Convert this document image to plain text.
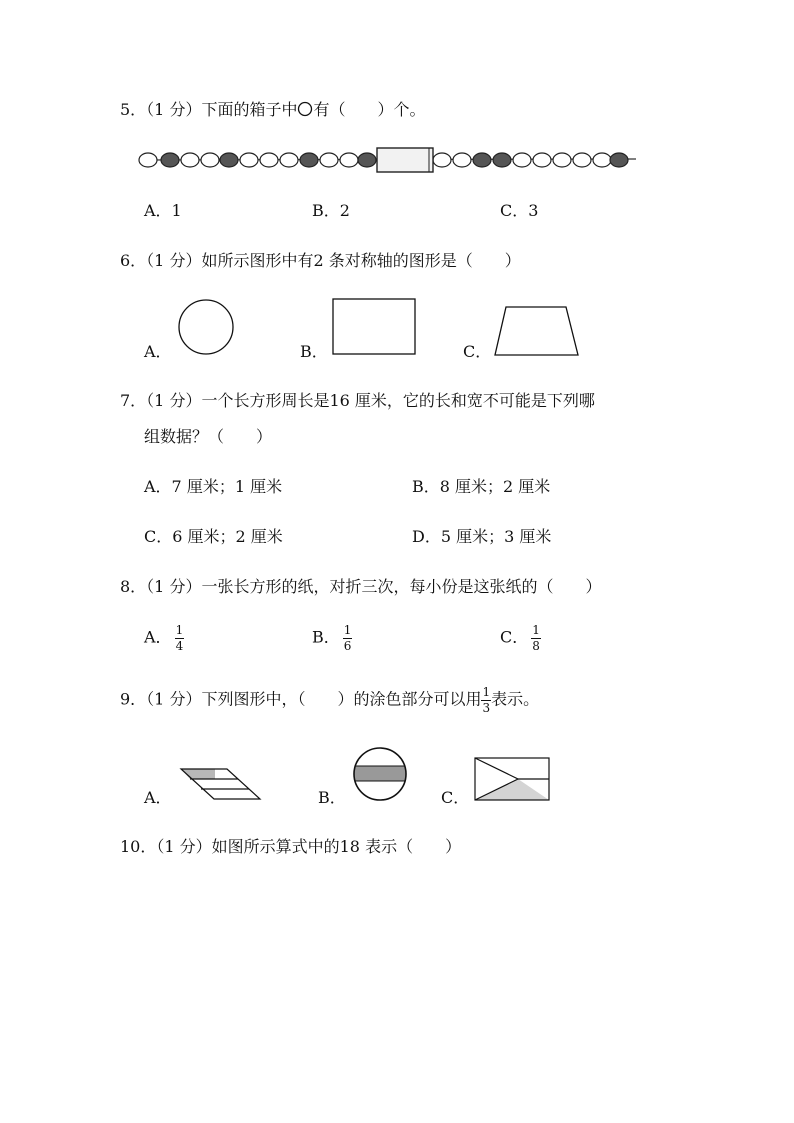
5．（1 分）下面的箱子中 有（　　）个。
A．1	B．2	C．3
6．（1 分）如所示图形中有2 条对称轴的图形是（　　）
A．	B．	C．
7．（1 分）一个长方形周长是16 厘米，它的长和宽不可能是下列哪
组数据？（　　）
A．7 厘米；1 厘米	B．8 厘米；2 厘米
C．6 厘米；2 厘米	D．5 厘米；3 厘米
8．（1 分）一张长方形的纸，对折三次，每小份是这张纸的（　　）
A． $\frac{1}{4}$	B． $\frac{1}{6}$	C． $\frac{1}{8}$
9．（1 分）下列图形中，（　　）的涂色部分可以用 $\frac{1}{3}$ 表示。
A．	B．	C．
10．（1 分）如图所示算式中的18 表示（　　）
